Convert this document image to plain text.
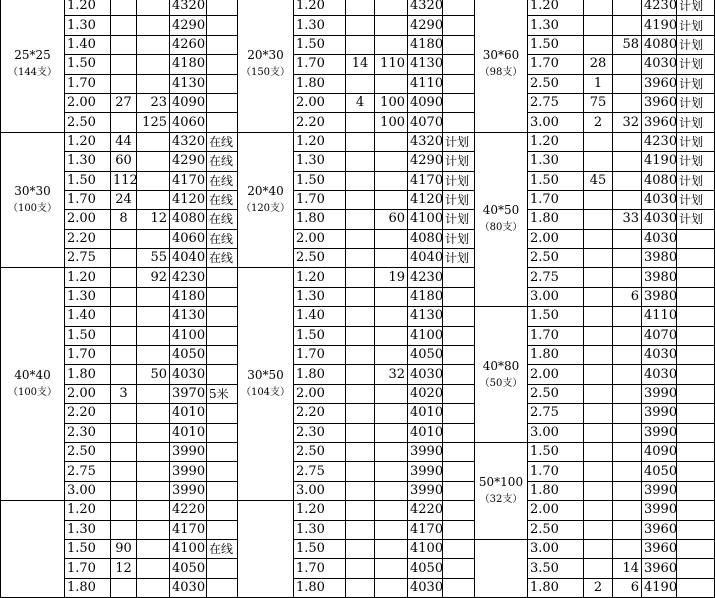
25*25
（144支）	1.20			4320	
	1.30			4290	
	1.40			4260	
	1.50			4180	
	1.70			4130	
	2.00	27	23	4090	
	2.50		125	4060	

30*30
（100支）	1.20	44		4320	在线
	1.30	60		4290	在线
	1.50	112		4170	在线
	1.70	24		4120	在线
	2.00	8	12	4080	在线
	2.20			4060	在线
	2.75		55	4040	在线

40*40
（100支）	1.20		92	4230	
	1.30			4180	
	1.40			4130	
	1.50			4100	
	1.70			4050	
	1.80		50	4030	
	2.00	3		3970	5米
	2.20			4010	
	2.30			4010	
	2.50			3990	
	2.75			3990	
	3.00			3990	

	1.20			4220	
	1.30			4170	
	1.50	90		4100	在线
	1.70	12		4050	
	1.80			4030	
20*30
（150支）	1.20			4320	
	1.30			4290	
	1.50			4180	
	1.70	14	110	4130	
	1.80			4110	
	2.00	4	100	4090	
	2.20		100	4070	

20*40
（120支）	1.20			4320	计划
	1.30			4290	计划
	1.50			4170	计划
	1.70			4120	计划
	1.80		60	4100	计划
	2.00			4080	计划
	2.50			4040	计划

30*50
（104支）	1.20		19	4230	
	1.30			4180	
	1.40			4130	
	1.50			4100	
	1.70			4050	
	1.80		32	4030	
	2.00			4020	
	2.20			4010	
	2.30			4010	
	2.50			3990	
	2.75			3990	
	3.00			3990	

	1.20			4220	
	1.30			4170	
	1.50			4100	
	1.70			4050	
	1.80			4030	
30*60
（98支）	1.20			4230	计划
	1.30			4190	计划
	1.50		58	4080	计划
	1.70	28		4030	计划
	2.50	1		3960	计划
	2.75	75		3960	计划
	3.00	2	32	3960	计划

40*50
（80支）	1.20			4230	计划
	1.30			4190	计划
	1.50	45		4080	计划
	1.70			4030	计划
	1.80		33	4030	计划
	2.00			4030	
	2.50			3980	
	2.75			3980	
	3.00		6	3980	

40*80
（50支）	1.50			4110	
	1.70			4070	
	1.80			4030	
	2.00			4030	
	2.50			3990	
	2.75			3990	
	3.00			3990	

50*100
（32支）	1.50			4090	
	1.70			4050	
	1.80			3990	
	2.00			3990	
	2.50			3960	

	3.00			3960	
	3.50		14	3960	
	1.80	2	6	4190	
